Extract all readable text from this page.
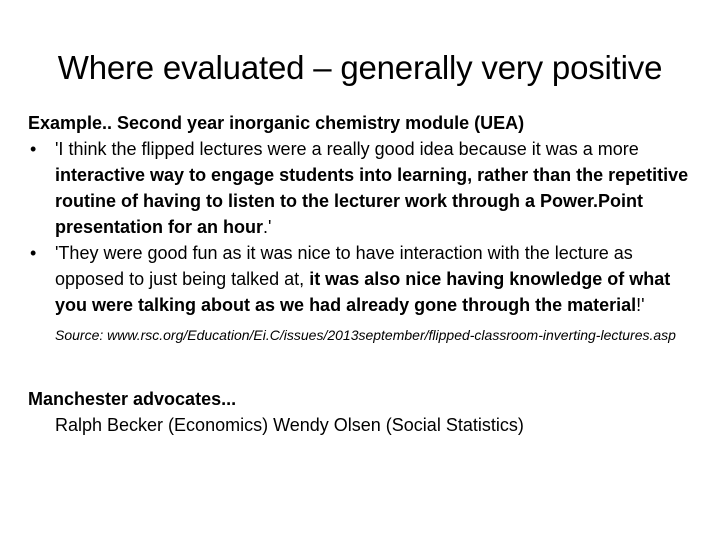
Where evaluated – generally very positive
Example.. Second year inorganic chemistry module (UEA)
• 'I think the flipped lectures were a really good idea because it was a more interactive way to engage students into learning, rather than the repetitive routine of having to listen to the lecturer work through a Power.Point presentation for an hour.'
• 'They were good fun as it was nice to have interaction with the lecture as opposed to just being talked at, it was also nice having knowledge of what you were talking about as we had already gone through the material!'
Source: www.rsc.org/Education/Ei.C/issues/2013september/flipped-classroom-inverting-lectures.asp
Manchester advocates...
Ralph Becker (Economics) Wendy Olsen (Social Statistics)
